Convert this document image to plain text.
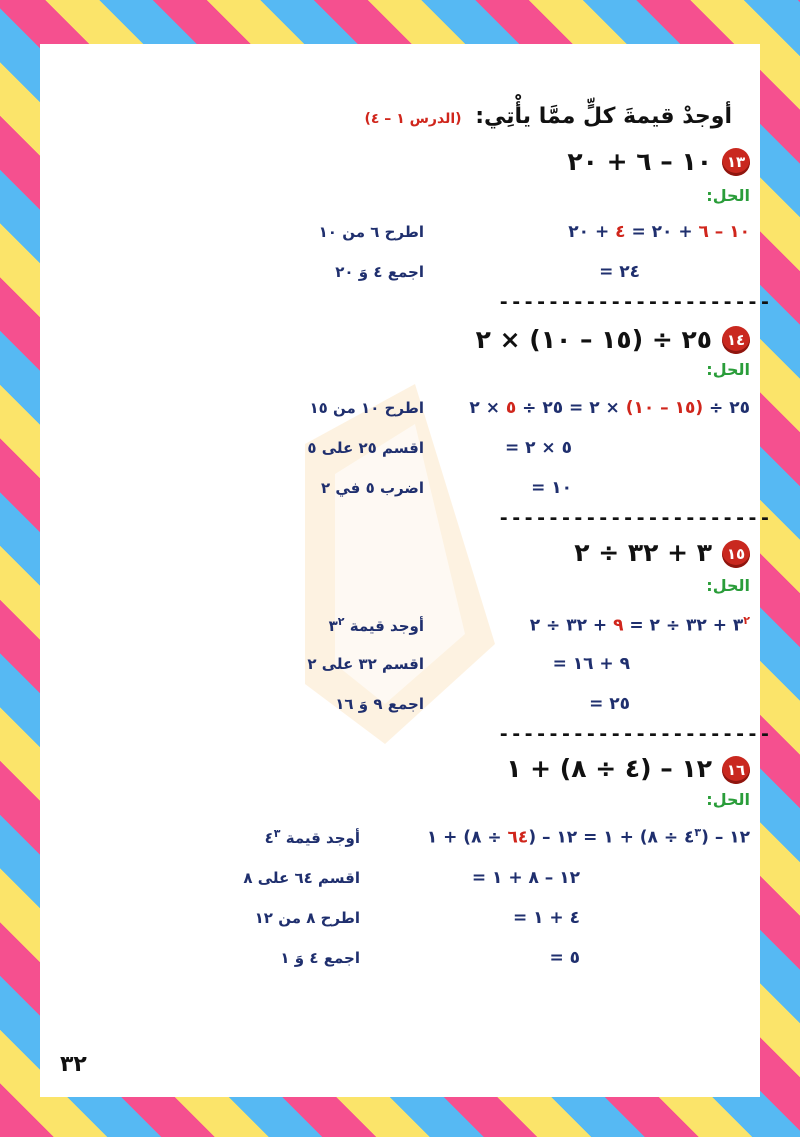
أوجدْ قيمةَ كلٍّ ممَّا يأْتِي: (الدرس ١ – ٤)
١٣
١٠ – ٦ + ٢٠
الحل:
١٠ – ٦ + ٢٠ = ٤ + ٢٠
اطرح ٦ من ١٠
= ٢٤
اجمع ٤ وَ ٢٠
----------------------
١٤
٢٥ ÷ (١٥ – ١٠) × ٢
الحل:
٢٥ ÷ (١٥ – ١٠) × ٢ = ٢٥ ÷ ٥ × ٢
اطرح ١٠ من ١٥
= ٥ × ٢
اقسم ٢٥ على ٥
= ١٠
اضرب ٥ في ٢
----------------------
١٥
٣ + ٣٢ ÷ ٢
الحل:
$٣^٢$ + ٣٢ ÷ ٢ = ٩ + ٣٢ ÷ ٢
أوجد قيمة $٣^٢$
= ٩ + ١٦
اقسم ٣٢ على ٢
= ٢٥
اجمع ٩ وَ ١٦
----------------------
١٦
١٢ – (٤ ÷ ٨) + ١
الحل:
١٢ – ($٤^٣$ ÷ ٨) + ١ = ١٢ – (٦٤ ÷ ٨) + ١
أوجد قيمة $٤^٣$
= ١٢ – ٨ + ١
اقسم ٦٤ على ٨
= ٤ + ١
اطرح ٨ من ١٢
= ٥
اجمع ٤ وَ ١
٣٢
